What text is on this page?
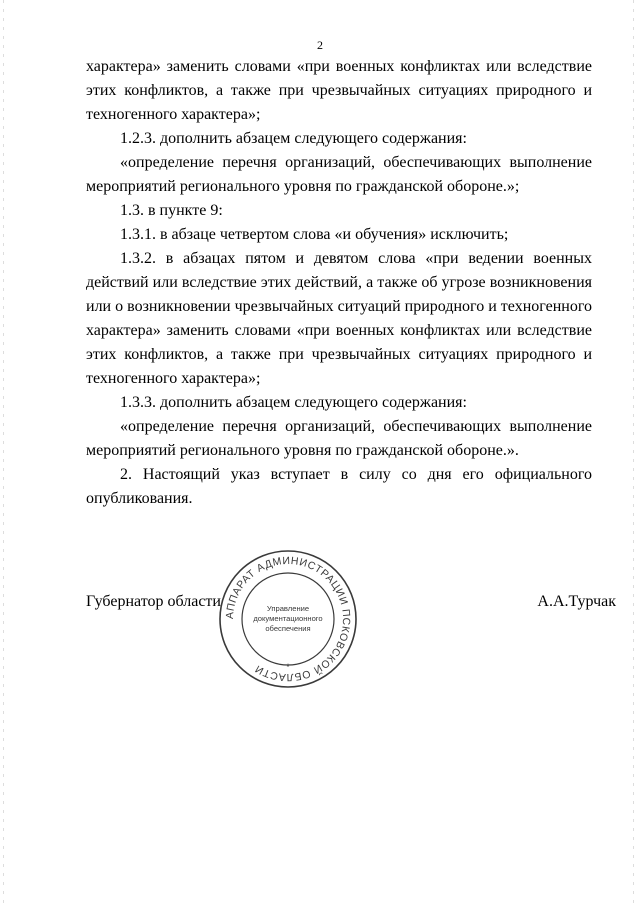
2

характера» заменить словами «при военных конфликтах или вследствие этих конфликтов, а также при чрезвычайных ситуациях природного и техногенного характера»;

1.2.3. дополнить абзацем следующего содержания:

«определение перечня организаций, обеспечивающих выполнение мероприятий регионального уровня по гражданской обороне.»;

1.3. в пункте 9:

1.3.1. в абзаце четвертом слова «и обучения» исключить;

1.3.2. в абзацах пятом и девятом слова «при ведении военных действий или вследствие этих действий, а также об угрозе возникновения или о возникновении чрезвычайных ситуаций природного и техногенного характера» заменить словами «при военных конфликтах или вследствие этих конфликтов, а также при чрезвычайных ситуациях природного и техногенного характера»;

1.3.3. дополнить абзацем следующего содержания:

«определение перечня организаций, обеспечивающих выполнение мероприятий регионального уровня по гражданской обороне.».

2. Настоящий указ вступает в силу со дня его официального опубликования.

Губернатор области	А.А.Турчак
АППАРАТ АДМИНИСТРАЦИИ ПСКОВСКОЙ ОБЛАСТИ
Управление
документационного
обеспечения
*
